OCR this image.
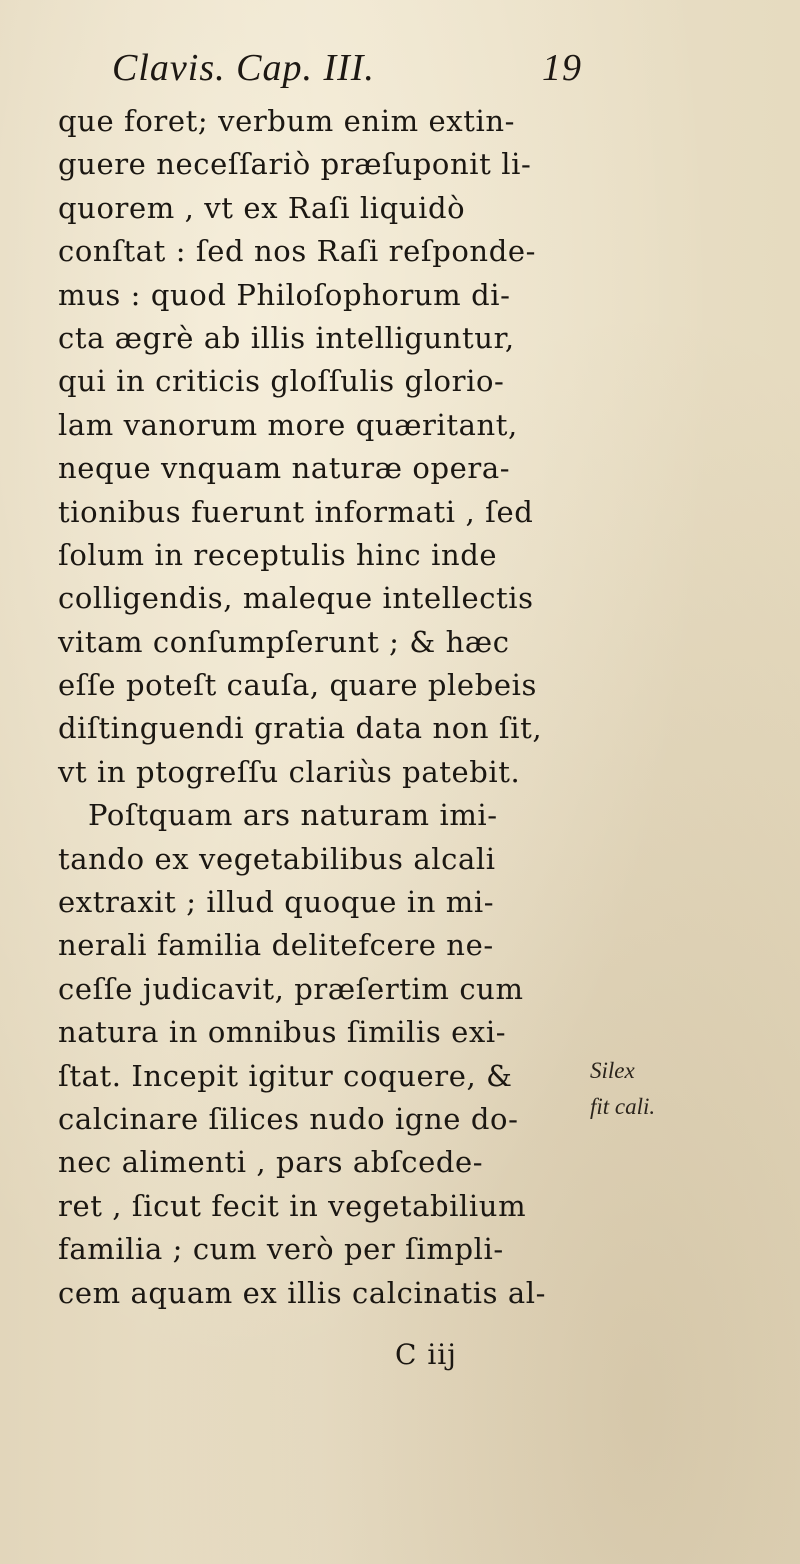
Clavis. Cap. III.	19
que foret; verbum enim extin-
guere neceſſariò præſuponit li-
quorem , vt ex Raſi liquidò
conſtat : ſed nos Raſi reſponde-
mus : quod Philoſophorum di-
cta ægrè ab illis intelliguntur,
qui in criticis gloſſulis glorio-
lam vanorum more quæritant,
neque vnquam naturæ opera-
tionibus fuerunt informati , ſed
ſolum in receptulis hinc inde
colligendis, maleque intellectis
vitam conſumpſerunt ; & hæc
eſſe poteſt cauſa, quare plebeis
diſtinguendi gratia data non ſit,
vt in ptogreſſu clariùs patebit.
Poſtquam ars naturam imi-
tando ex vegetabilibus alcali
extraxit ; illud quoque in mi-
nerali familia delitefcere ne-
ceſſe judicavit, præſertim cum
natura in omnibus ſimilis exi-
ſtat. Incepit igitur coquere, &
calcinare ſilices nudo igne do-
nec alimenti , pars abſcede-
ret , ſicut fecit in vegetabilium
familia ; cum verò per ſimpli-
cem aquam ex illis calcinatis al-
Silex
fit cali.
C iij
